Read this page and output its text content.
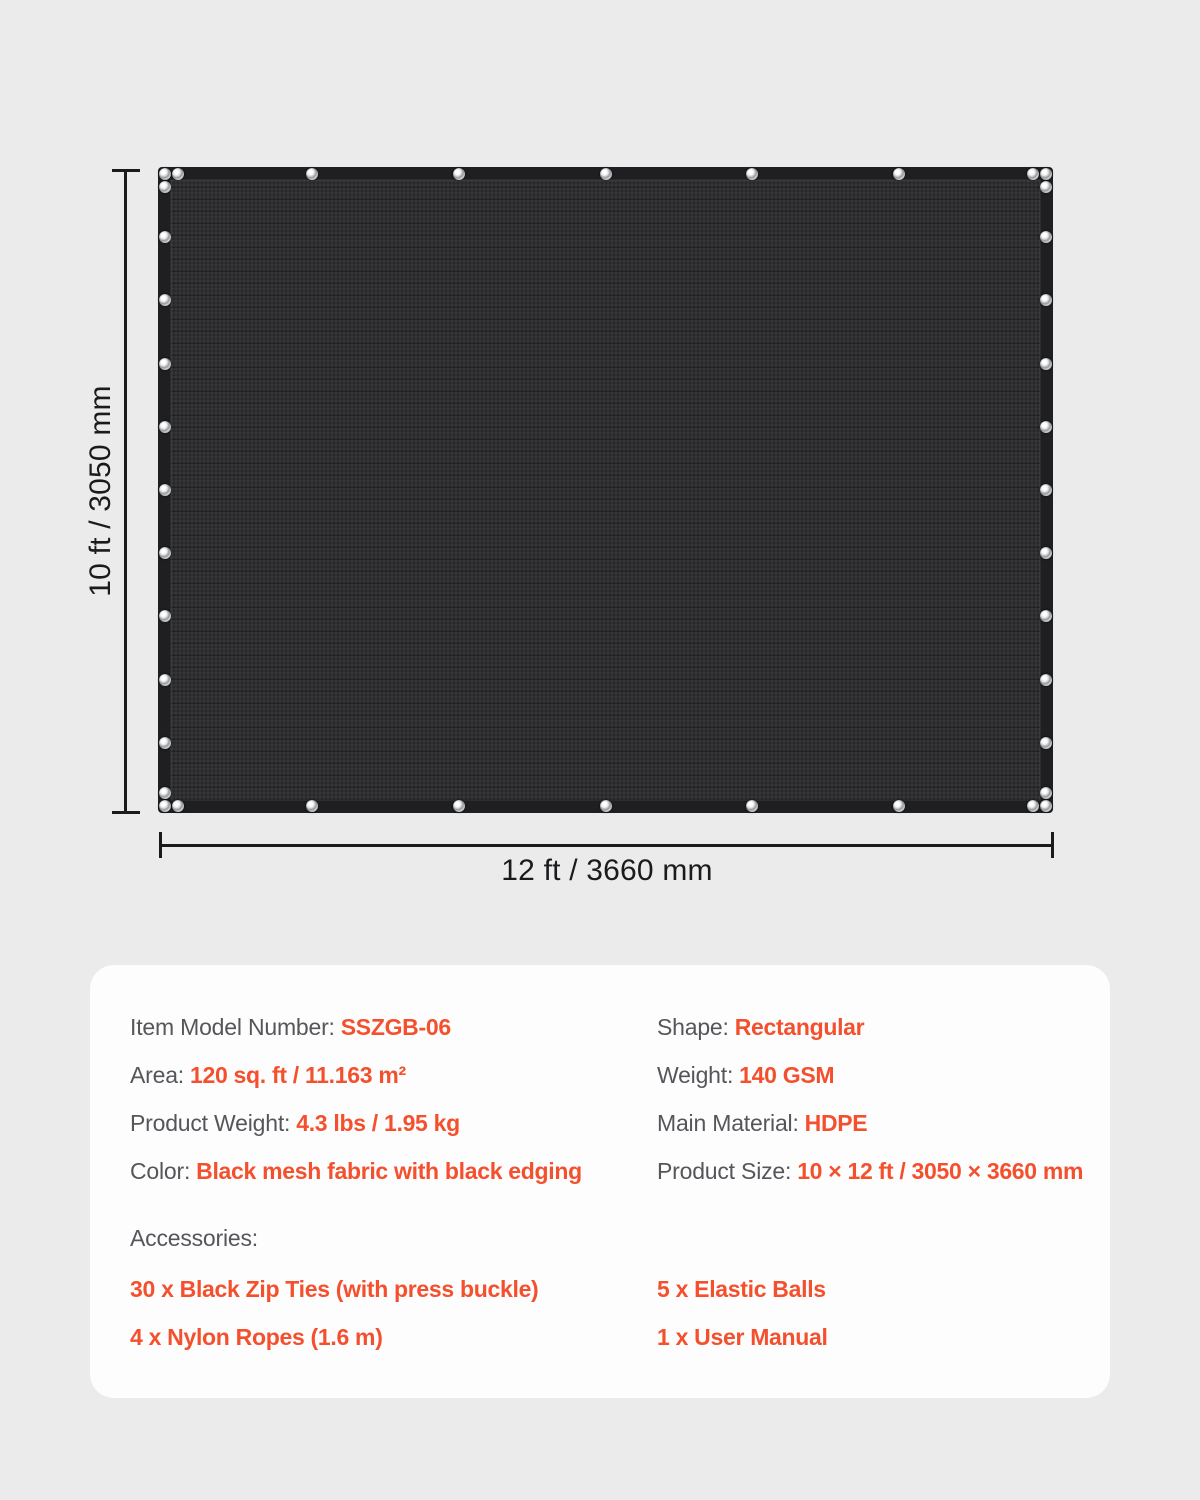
10 ft / 3050 mm
12 ft / 3660 mm
Item Model Number: SSZGB-06
Area: 120 sq. ft / 11.163 m²
Product Weight: 4.3 lbs / 1.95 kg
Color: Black mesh fabric with black edging
Shape: Rectangular
Weight: 140 GSM
Main Material: HDPE
Product Size: 10 × 12 ft / 3050 × 3660 mm
Accessories:
30 x Black Zip Ties (with press buckle)
4 x Nylon Ropes (1.6 m)
5 x Elastic Balls
1 x User Manual
